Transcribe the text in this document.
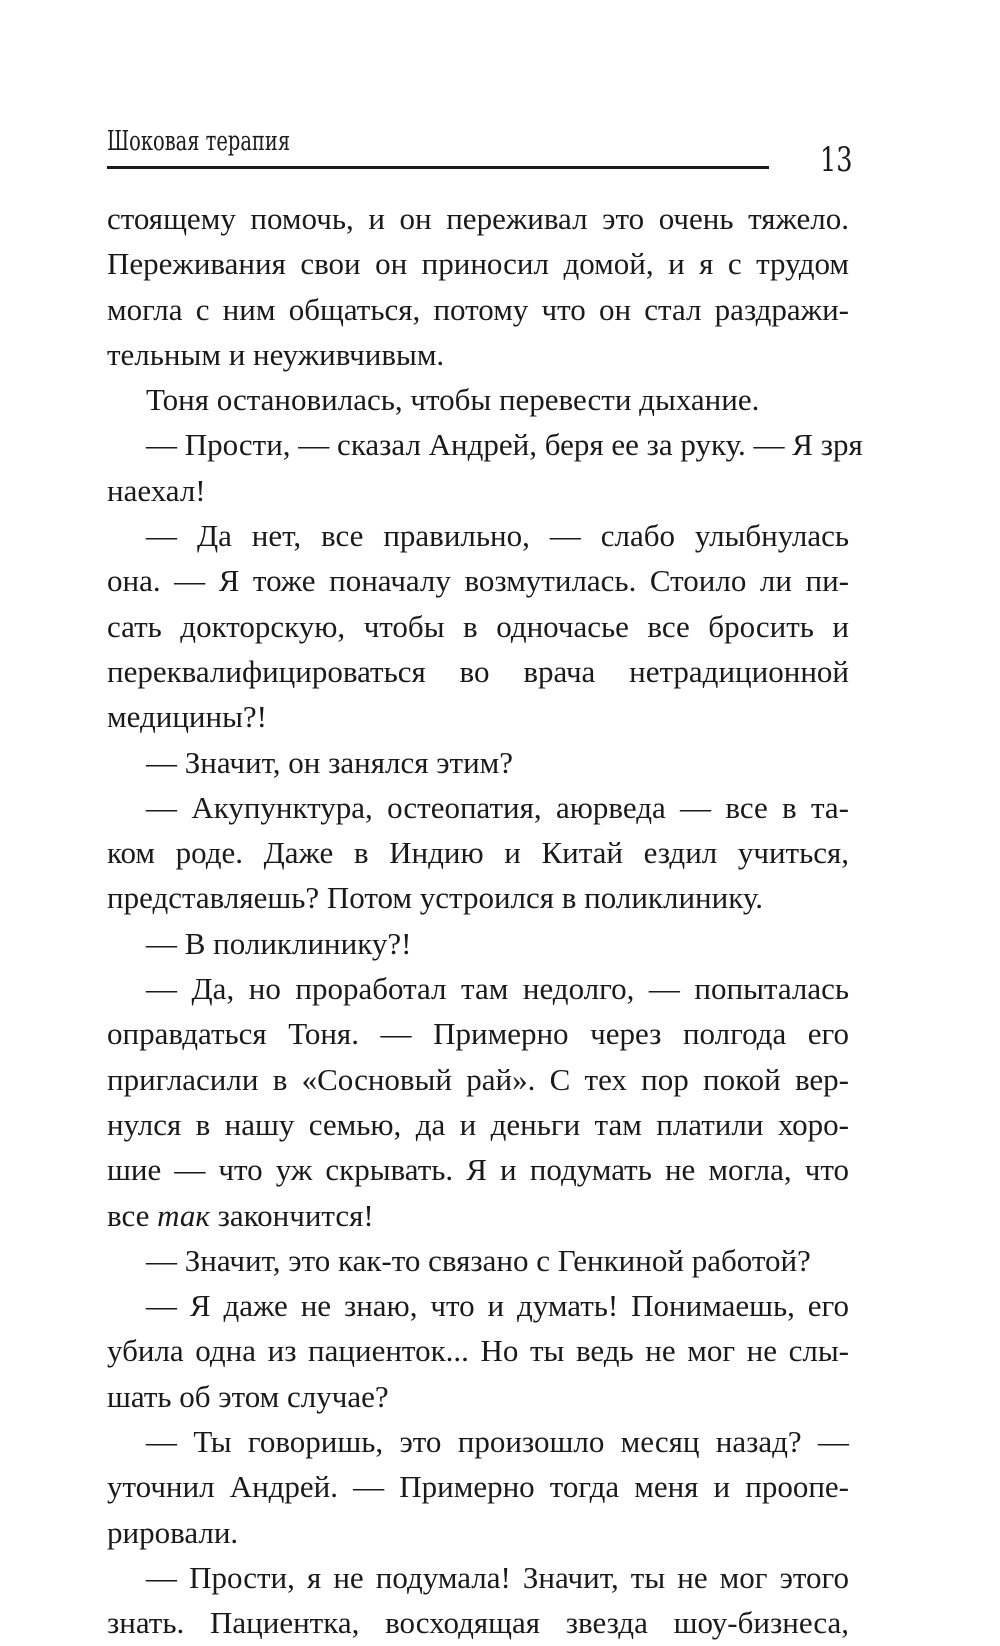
Шоковая терапия	13
стоящему помочь, и он переживал это очень тяжело.
Переживания свои он приносил домой, и я с трудом
могла с ним общаться, потому что он стал раздражи-
тельным и неуживчивым.
Тоня остановилась, чтобы перевести дыхание.
— Прости, — сказал Андрей, беря ее за руку. — Я зря
наехал!
— Да нет, все правильно, — слабо улыбнулась
она. — Я тоже поначалу возмутилась. Стоило ли пи-
сать докторскую, чтобы в одночасье все бросить и
переквалифицироваться во врача нетрадиционной
медицины?!
— Значит, он занялся этим?
— Акупунктура, остеопатия, аюрведа — все в та-
ком роде. Даже в Индию и Китай ездил учиться,
представляешь? Потом устроился в поликлинику.
— В поликлинику?!
— Да, но проработал там недолго, — попыталась
оправдаться Тоня. — Примерно через полгода его
пригласили в «Сосновый рай». С тех пор покой вер-
нулся в нашу семью, да и деньги там платили хоро-
шие — что уж скрывать. Я и подумать не могла, что
все так закончится!
— Значит, это как-то связано с Генкиной работой?
— Я даже не знаю, что и думать! Понимаешь, его
убила одна из пациенток... Но ты ведь не мог не слы-
шать об этом случае?
— Ты говоришь, это произошло месяц назад? —
уточнил Андрей. — Примерно тогда меня и проопе-
рировали.
— Прости, я не подумала! Значит, ты не мог этого
знать. Пациентка, восходящая звезда шоу-бизнеса,
